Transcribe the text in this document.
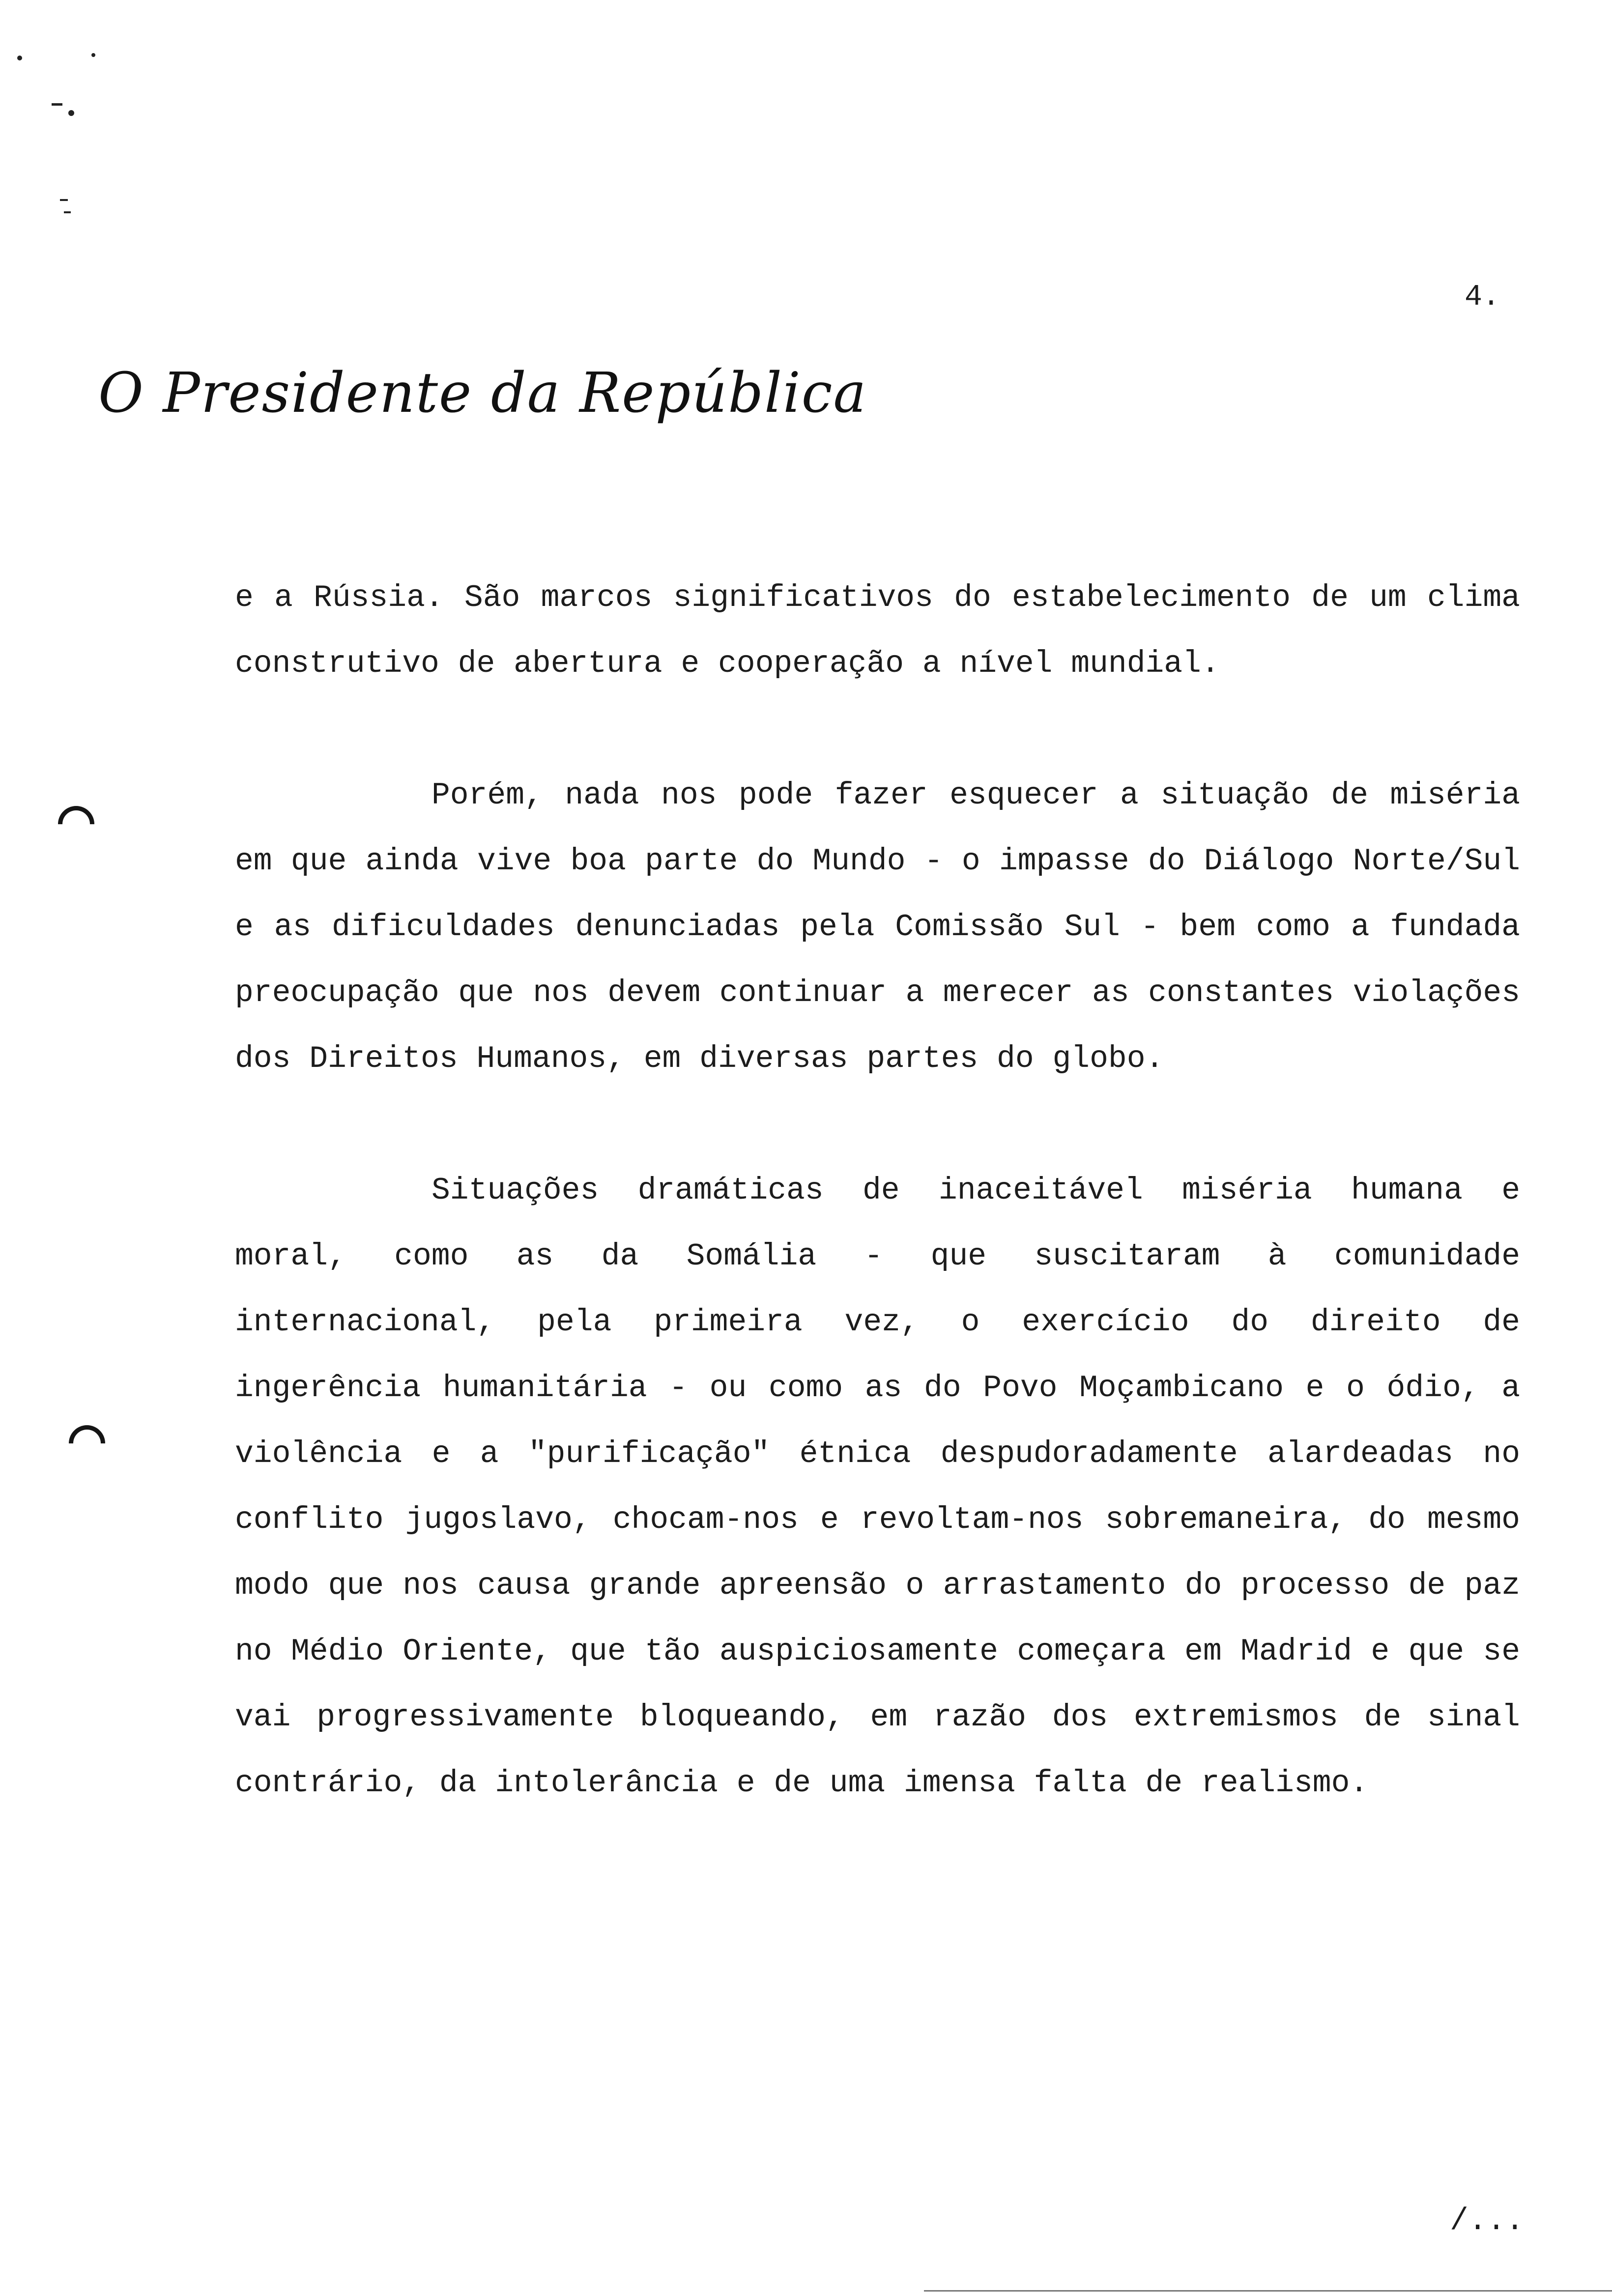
4.
O Presidente da República

e a Rússia. São marcos significativos do estabelecimento de um clima construtivo de abertura e cooperação a nível mundial.

Porém, nada nos pode fazer esquecer a situação de miséria em que ainda vive boa parte do Mundo - o impasse do Diálogo Norte/Sul e as dificuldades denunciadas pela Comissão Sul - bem como a fundada preocupação que nos devem continuar a merecer as constantes violações dos Direitos Humanos, em diversas partes do globo.

Situações dramáticas de inaceitável miséria humana e moral, como as da Somália - que suscitaram à comunidade internacional, pela primeira vez, o exercício do direito de ingerência humanitária - ou como as do Povo Moçambicano e o ódio, a violência e a "purificação" étnica despudoradamente alardeadas no conflito jugoslavo, chocam-nos e revoltam-nos sobremaneira, do mesmo modo que nos causa grande apreensão o arrastamento do processo de paz no Médio Oriente, que tão auspiciosamente começara em Madrid e que se vai progressivamente bloqueando, em razão dos extremismos de sinal contrário, da intolerância e de uma imensa falta de realismo.

/...
